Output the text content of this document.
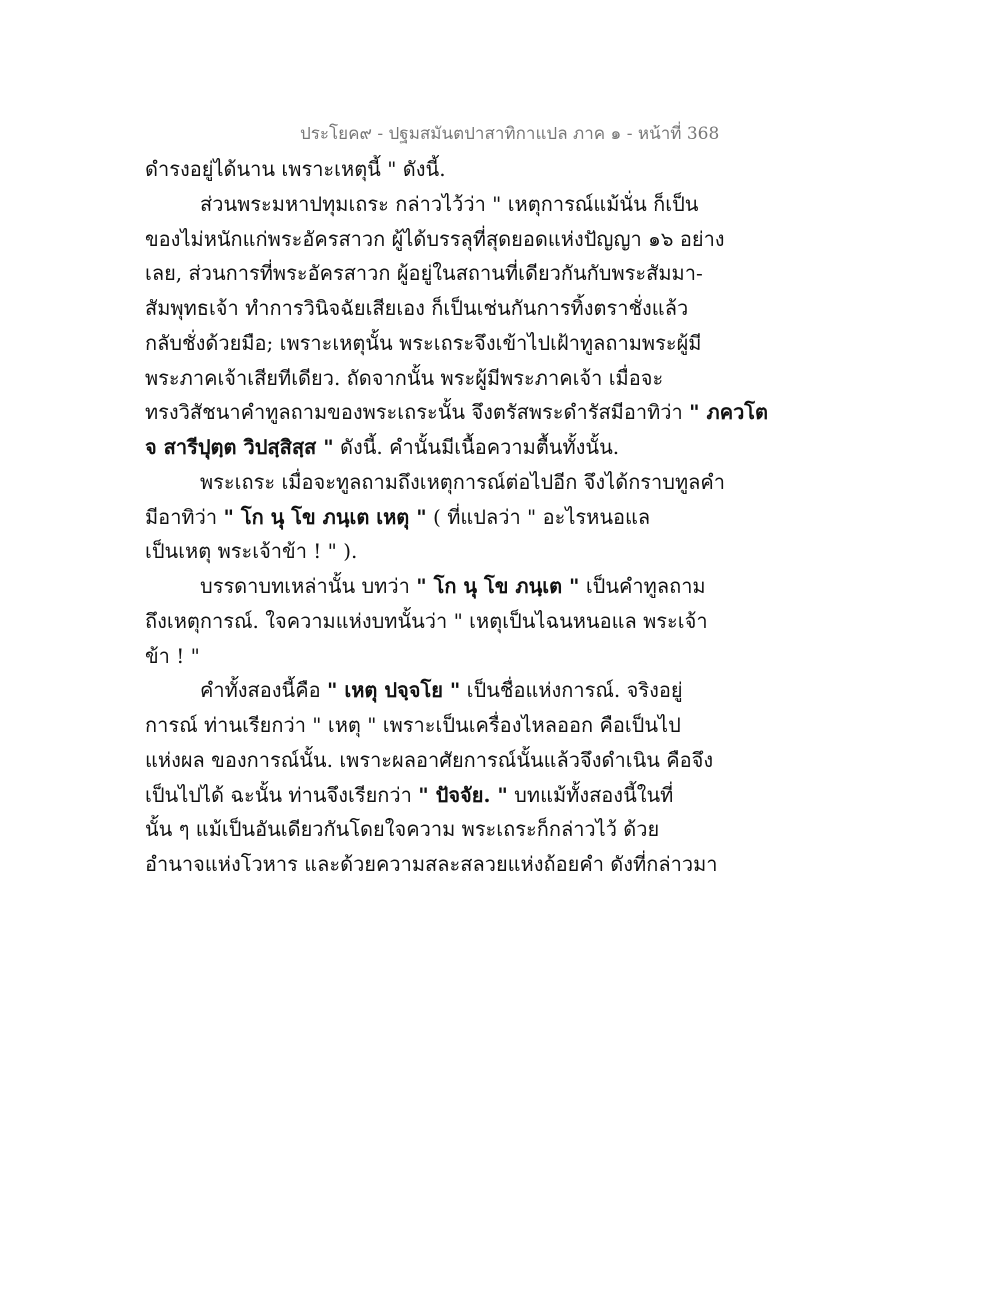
ประโยค๙ - ปฐมสมันตปาสาทิกาแปล ภาค ๑ - หน้าที่ 368
ดำรงอยู่ได้นาน เพราะเหตุนี้ " ดังนี้.
ส่วนพระมหาปทุมเถระ กล่าวไว้ว่า " เหตุการณ์แม้นั่น ก็เป็น
ของไม่หนักแก่พระอัครสาวก ผู้ได้บรรลุที่สุดยอดแห่งปัญญา ๑๖ อย่าง
เลย, ส่วนการที่พระอัครสาวก ผู้อยู่ในสถานที่เดียวกันกับพระสัมมา-
สัมพุทธเจ้า ทำการวินิจฉัยเสียเอง ก็เป็นเช่นกันการทิ้งตราชั่งแล้ว
กลับชั่งด้วยมือ; เพราะเหตุนั้น พระเถระจึงเข้าไปเฝ้าทูลถามพระผู้มี
พระภาคเจ้าเสียทีเดียว. ถัดจากนั้น พระผู้มีพระภาคเจ้า เมื่อจะ
ทรงวิสัชนาคำทูลถามของพระเถระนั้น จึงตรัสพระดำรัสมีอาทิว่า " ภควโต
จ สารีปุตฺต วิปสฺสิสฺส " ดังนี้. คำนั้นมีเนื้อความตื้นทั้งนั้น.
พระเถระ เมื่อจะทูลถามถึงเหตุการณ์ต่อไปอีก จึงได้กราบทูลคำ
มีอาทิว่า " โก นุ โข ภนฺเต เหตุ " ( ที่แปลว่า " อะไรหนอแล
เป็นเหตุ พระเจ้าข้า ! " ).
บรรดาบทเหล่านั้น บทว่า " โก นุ โข ภนฺเต " เป็นคำทูลถาม
ถึงเหตุการณ์. ใจความแห่งบทนั้นว่า " เหตุเป็นไฉนหนอแล พระเจ้า
ข้า ! "
คำทั้งสองนี้คือ " เหตุ ปจฺจโย " เป็นชื่อแห่งการณ์. จริงอยู่
การณ์ ท่านเรียกว่า " เหตุ " เพราะเป็นเครื่องไหลออก คือเป็นไป
แห่งผล ของการณ์นั้น. เพราะผลอาศัยการณ์นั้นแล้วจึงดำเนิน คือจึง
เป็นไปได้ ฉะนั้น ท่านจึงเรียกว่า " ปัจจัย. " บทแม้ทั้งสองนี้ในที่
นั้น ๆ แม้เป็นอันเดียวกันโดยใจความ พระเถระก็กล่าวไว้ ด้วย
อำนาจแห่งโวหาร และด้วยความสละสลวยแห่งถ้อยคำ ดังที่กล่าวมา
